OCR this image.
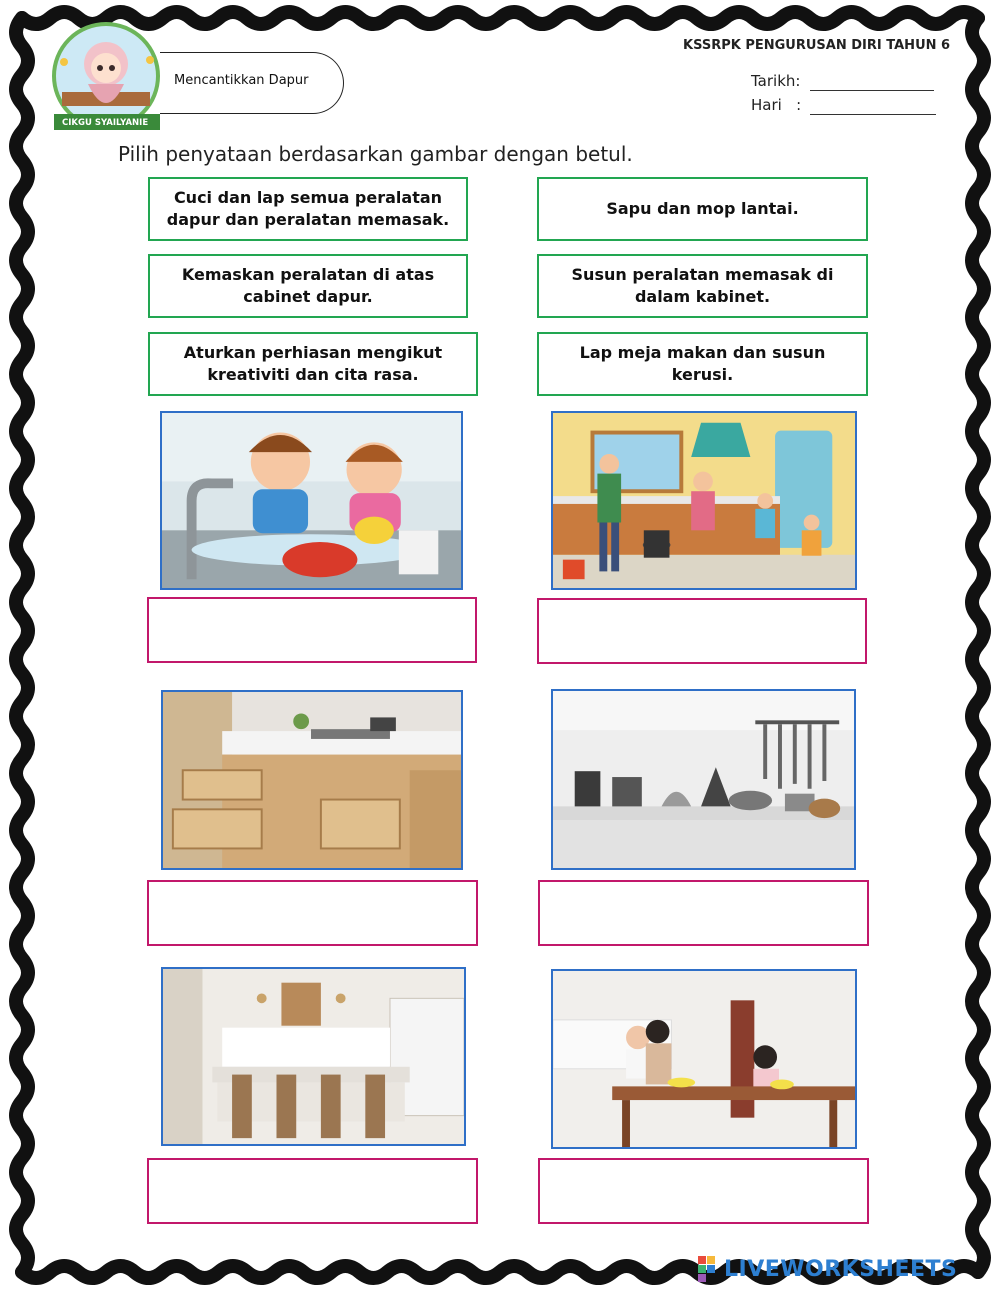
CIKGU SYAILYANIE
Mencantikkan Dapur
KSSRPK PENGURUSAN DIRI TAHUN 6
Tarikh:
Hari   :
Pilih penyataan berdasarkan gambar dengan betul.
Cuci dan lap semua peralatan dapur dan peralatan memasak.
Sapu dan mop lantai.
Kemaskan peralatan di atas cabinet dapur.
Susun peralatan memasak di dalam kabinet.
Aturkan perhiasan mengikut kreativiti dan cita rasa.
Lap meja makan dan susun kerusi.
LIVEWORKSHEETS
